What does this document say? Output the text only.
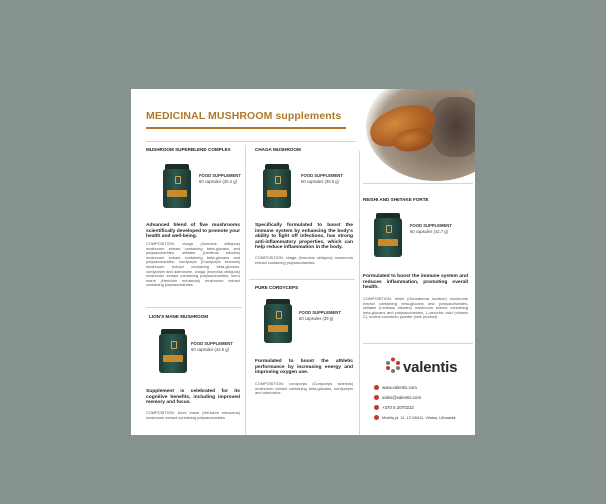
MEDICINAL MUSHROOM supplements
MUSHROOM SUPERBLEND COMPLEX
FOOD SUPPLEMENT
60 capsules (35.4 g)
Advanced blend of five mushrooms scientifically developed to promote your health and well-being.
COMPOSITION: chaga (Inonotus obliquus) mushroom extract containing beta-glucans and polysaccharides, shiitake (Lentinus edodes) mushroom extract containing beta-glucans and polysaccharides, cordyceps (Cordyceps sinensis) mushroom extract containing beta-glucans, cordycepin and adenosine, chaga (Inonotus obliquus) mushroom extract containing polysaccharides, lion's mane (Hericium erinaceus) mushroom extract containing polysaccharides.
CHAGA MUSHROOM
FOOD SUPPLEMENT
60 capsules (30.5 g)
Specifically formulated to boost the immune system by enhancing the body's ability to fight off infections, has strong anti-inflammatory properties, which can help reduce inflammation in the body.
COMPOSITION: chaga (Inonotus obliquus) mushroom extract containing polysaccharides.
REISHI AND SHIITAKE FORTE
FOOD SUPPLEMENT
60 capsules (42.7 g)
Formulated to boost the immune system and reduces inflammation, promoting overall health.
COMPOSITION: reishi (Ganoderma lucidum) mushroom extract containing beta-glucans and polysaccharides, shiitake (Lentinus edodes) mushroom extract containing beta-glucans and polysaccharides, L-ascorbic acid (vitamin C), bovine colostrum powder (milk product).
LION'S MANE MUSHROOM
FOOD SUPPLEMENT
60 capsules (42.6 g)
Supplement is celebrated for its cognitive benefits, including improved memory and focus.
COMPOSITION: lion's mane (Hericium erinaceus) mushroom extract containing polysaccharides.
PURE CORDYCEPS
FOOD SUPPLEMENT
60 capsules (39 g)
Formulated to boost the athletic performance by increasing energy and improving oxygen use.
COMPOSITION: cordyceps (Cordyceps sinensis) mushroom extract containing beta-glucans, cordycepin and adenosine.
valentis
www.valentis.com
sales@valentis.com
+370 5 2070222
Molėtų pl. 11, LT-08411, Vilnius, Lithuania
